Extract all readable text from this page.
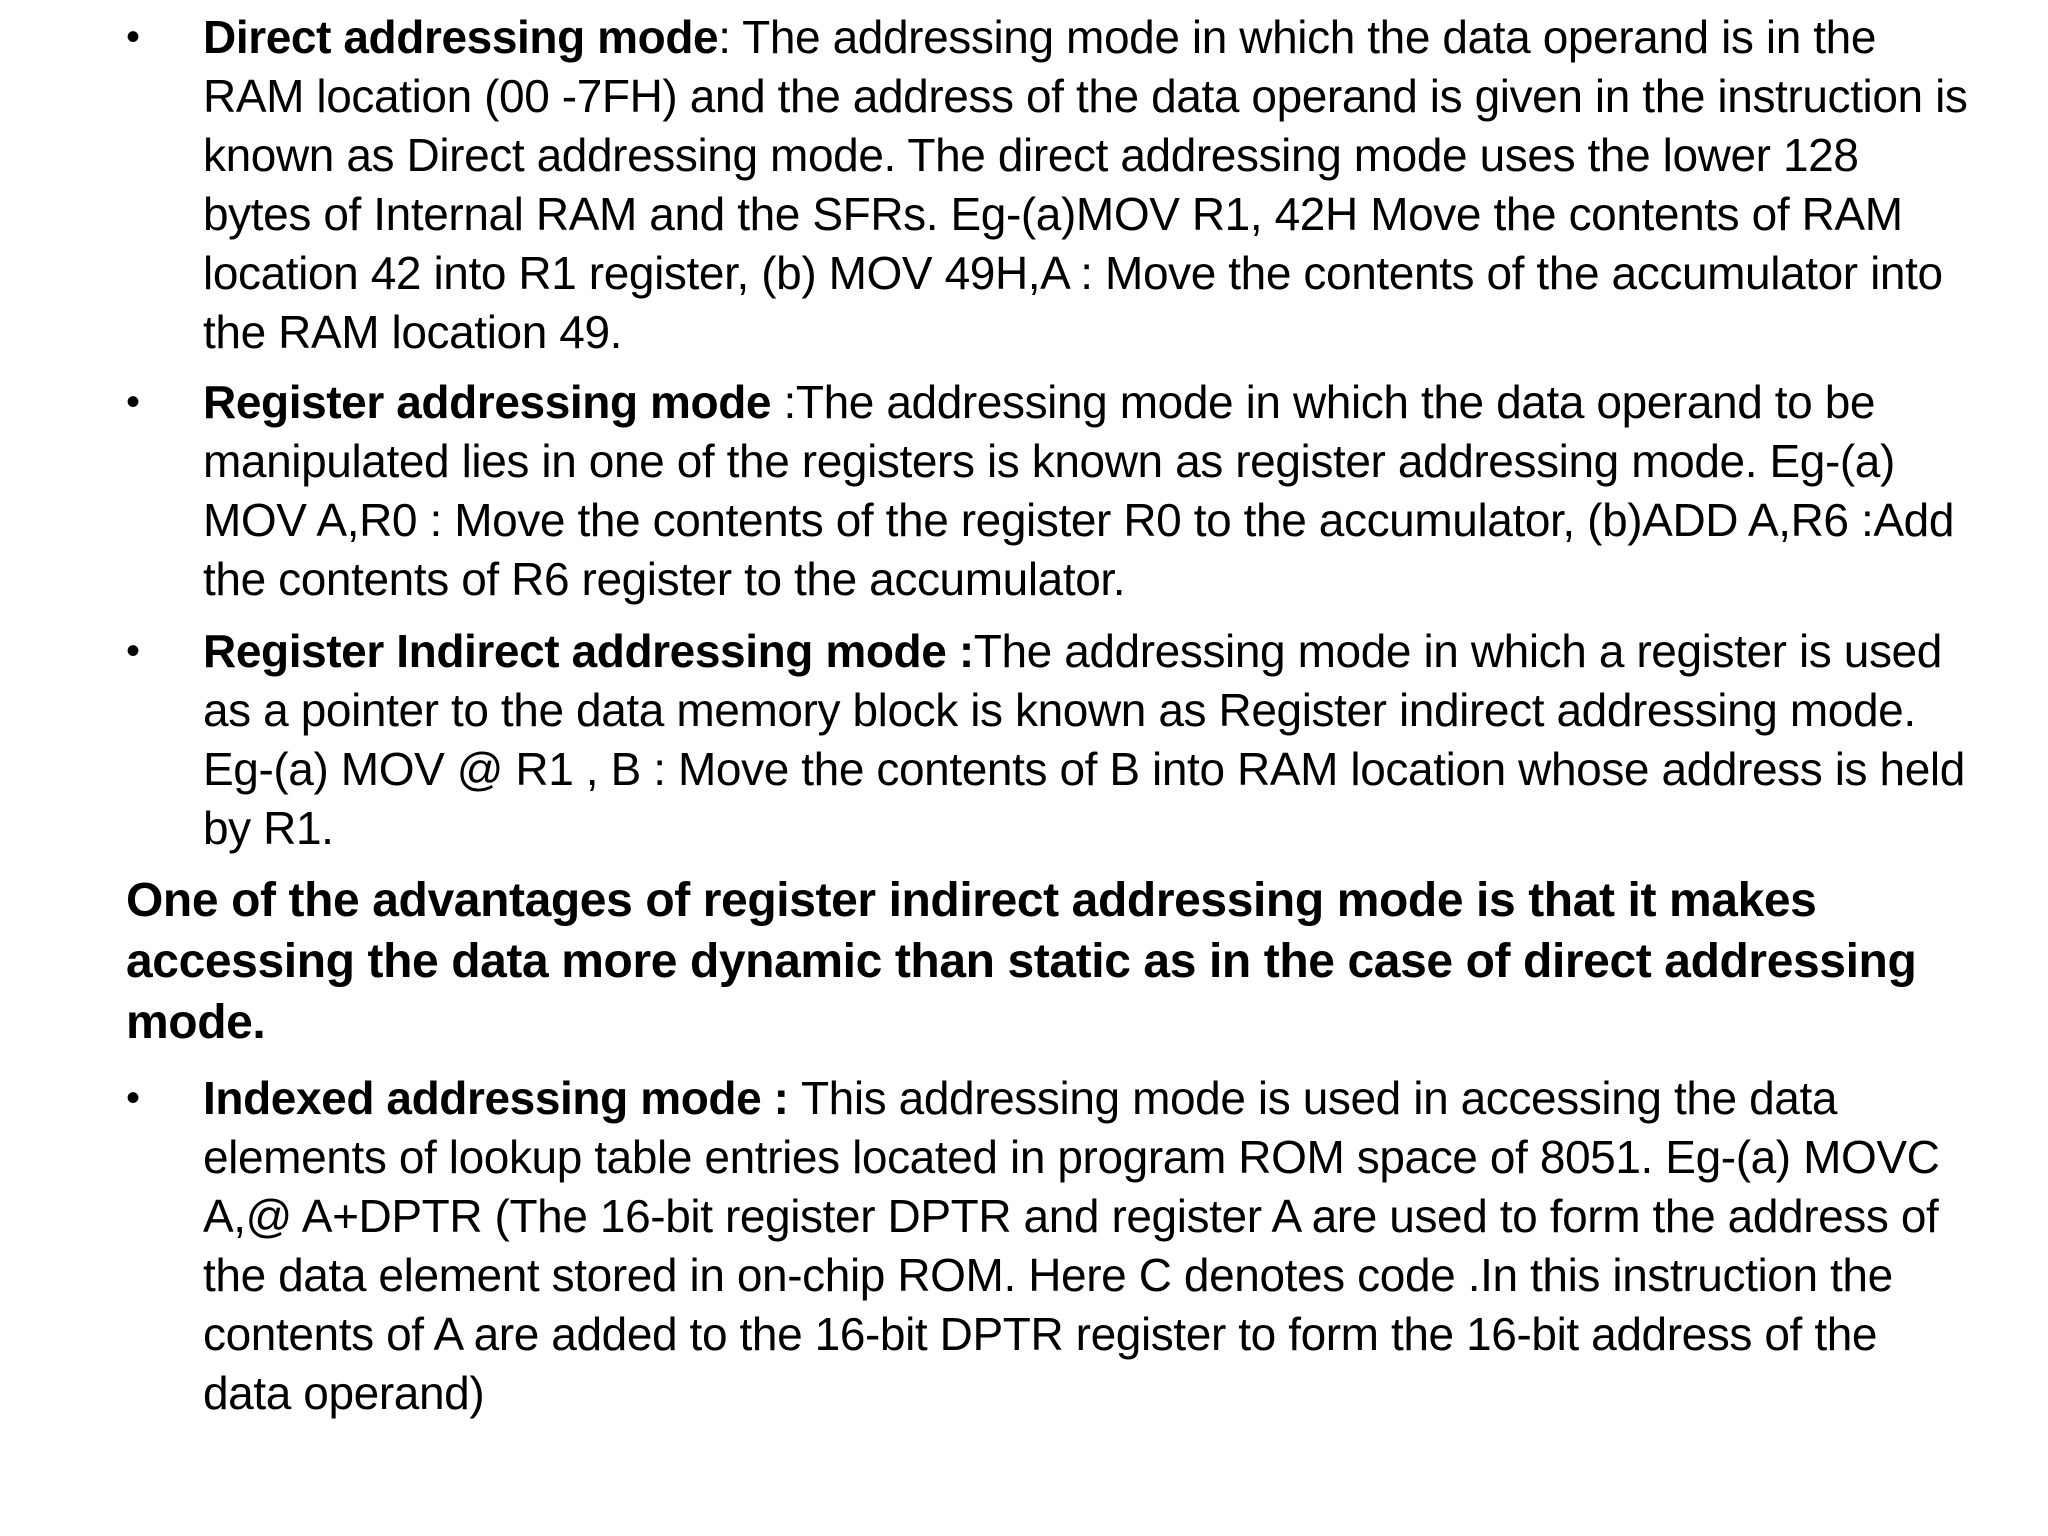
•	Direct addressing mode: The addressing mode in which the data operand is in the RAM location (00 -7FH) and the address of the data operand is given in the instruction is known as Direct addressing mode. The direct addressing mode uses the lower 128 bytes of Internal RAM and the SFRs. Eg-(a)MOV R1, 42H Move the contents of RAM location 42 into R1 register, (b) MOV 49H,A : Move the contents of the accumulator into the RAM location 49.
•	Register addressing mode :The addressing mode in which the data operand to be manipulated lies in one of the registers is known as register addressing mode. Eg-(a) MOV A,R0 : Move the contents of the register R0 to the accumulator, (b)ADD A,R6 :Add the contents of R6 register to the accumulator.
•	Register Indirect addressing mode :The addressing mode in which a register is used as a pointer to the data memory block is known as Register indirect addressing mode. Eg-(a) MOV @ R1 , B : Move the contents of B into RAM location whose address is held by R1.
One of the advantages of register indirect addressing mode is that it makes accessing the data more dynamic than static as in the case of direct addressing mode.
•	Indexed addressing mode : This addressing mode is used in accessing the data elements of lookup table entries located in program ROM space of 8051. Eg-(a) MOVC A,@ A+DPTR (The 16-bit register DPTR and register A are used to form the address of the data element stored in on-chip ROM. Here C denotes code .In this instruction the contents of A are added to the 16-bit DPTR register to form the 16-bit address of the data operand)
